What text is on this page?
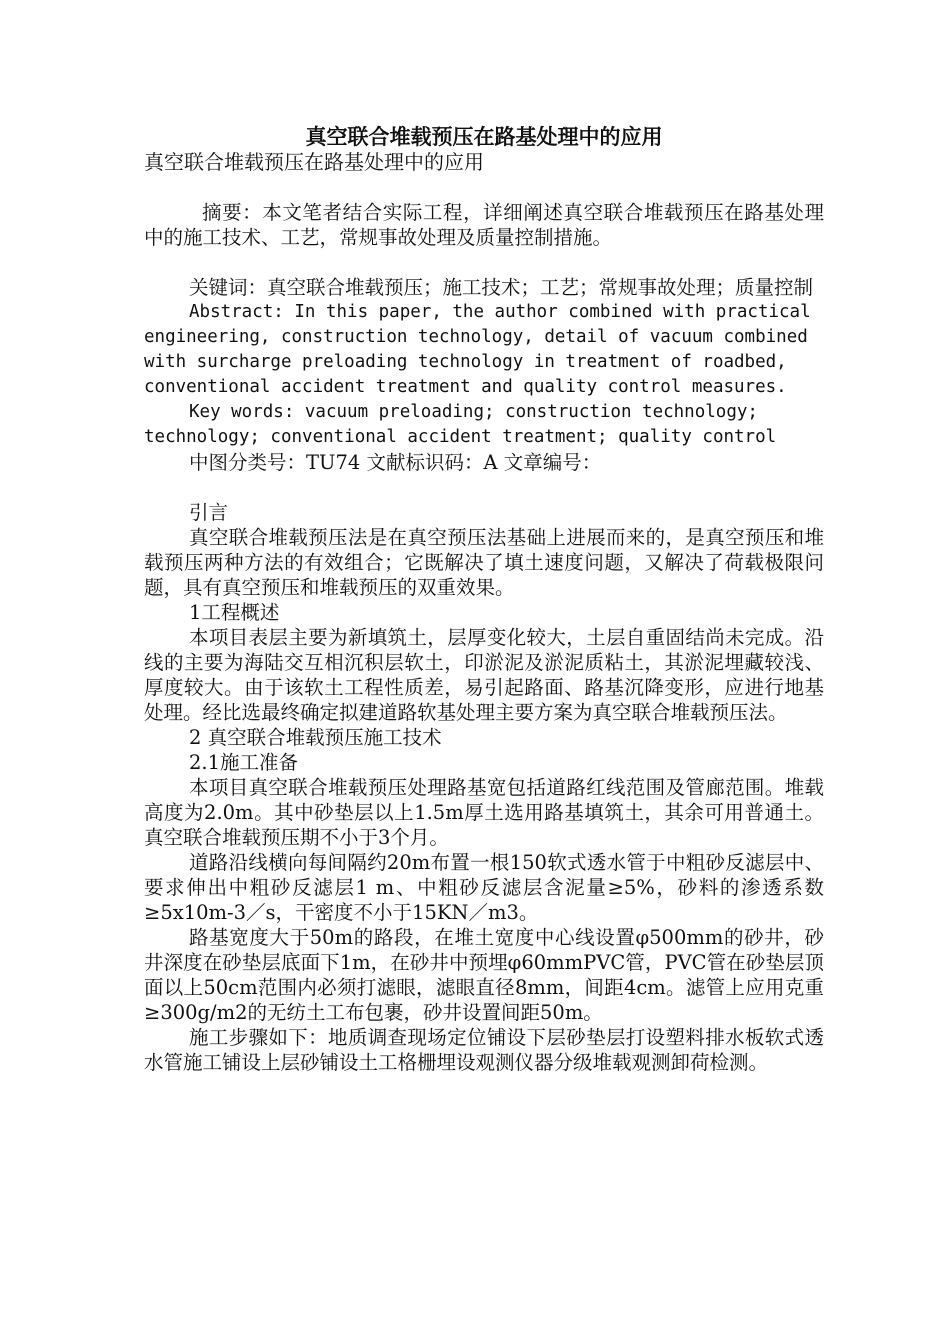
真空联合堆载预压在路基处理中的应用

真空联合堆载预压在路基处理中的应用

摘要：本文笔者结合实际工程，详细阐述真空联合堆载预压在路基处理中的施工技术、工艺，常规事故处理及质量控制措施。

关键词：真空联合堆载预压；施工技术；工艺；常规事故处理；质量控制

Abstract: In this paper, the author combined with practical engineering, construction technology, detail of vacuum combined with surcharge preloading technology in treatment of roadbed, conventional accident treatment and quality control measures.

Key words: vacuum preloading; construction technology; technology; conventional accident treatment; quality control

中图分类号：TU74 文献标识码：A 文章编号：

引言

真空联合堆载预压法是在真空预压法基础上进展而来的，是真空预压和堆载预压两种方法的有效组合；它既解决了填土速度问题，又解决了荷载极限问题，具有真空预压和堆载预压的双重效果。

1工程概述

本项目表层主要为新填筑土，层厚变化较大，土层自重固结尚未完成。沿线的主要为海陆交互相沉积层软土，印淤泥及淤泥质粘土，其淤泥埋藏较浅、厚度较大。由于该软土工程性质差，易引起路面、路基沉降变形，应进行地基处理。经比选最终确定拟建道路软基处理主要方案为真空联合堆载预压法。

2 真空联合堆载预压施工技术

2.1施工准备

本项目真空联合堆载预压处理路基宽包括道路红线范围及管廊范围。堆载高度为2.0m。其中砂垫层以上1.5m厚土选用路基填筑土，其余可用普通土。真空联合堆载预压期不小于3个月。

道路沿线横向每间隔约20m布置一根150软式透水管于中粗砂反滤层中、要求伸出中粗砂反滤层1 m、中粗砂反滤层含泥量≥5%，砂料的渗透系数≥5x10m-3／s，干密度不小于15KN／m3。

路基宽度大于50m的路段，在堆土宽度中心线设置φ500mm的砂井，砂井深度在砂垫层底面下1m，在砂井中预埋φ60mmPVC管，PVC管在砂垫层顶面以上50cm范围内必须打滤眼，滤眼直径8mm，间距4cm。滤管上应用克重≥300g/m2的无纺土工布包裹，砂井设置间距50m。

施工步骤如下：地质调查现场定位铺设下层砂垫层打设塑料排水板软式透水管施工铺设上层砂铺设土工格栅埋设观测仪器分级堆载观测卸荷检测。
